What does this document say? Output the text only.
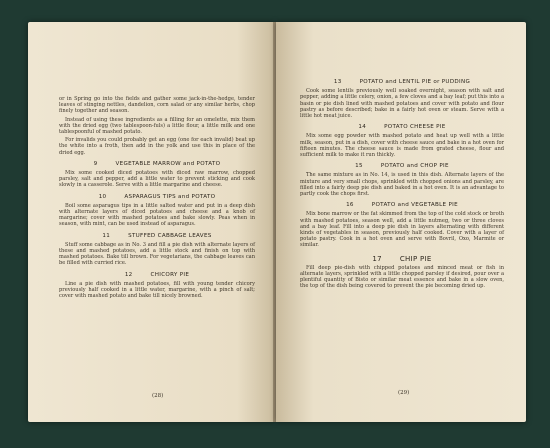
or in Spring go into the fields and gather some jack-in-the-hedge, tender leaves of stinging nettles, dandelion, corn salad or any similar herbs, chop finely together and season.

Instead of using these ingredients as a filling for an omelette, mix them with the dried egg (two tablespoon-fuls) a little flour, a little milk and one tablespoonful of mashed potato.

For invalids you could probably get an egg (one for each invalid) beat up the white into a froth, then add in the yolk and use this in place of the dried egg.

9	VEGETABLE MARROW and POTATO

Mix some cooked diced potatoes with diced raw marrow, chopped parsley, salt and pepper, add a little water to prevent sticking and cook slowly in a casserole. Serve with a little margarine and cheese.

10	ASPARAGUS TIPS and POTATO

Boil some asparagus tips in a little salted water and put in a deep dish with alternate layers of diced potatoes and cheese and a knob of margarine; cover with mashed potatoes and bake slowly. Peas when in season, with mint, can be used instead of asparagus.

11	STUFFED CABBAGE LEAVES

Stuff some cabbage as in No. 3 and fill a pie dish with alternate layers of these and mashed potatoes, add a little stock and finish on top with mashed potatoes. Bake till brown. For vegetarians, the cabbage leaves can be filled with curried rice.

12	CHICORY PIE

Line a pie dish with mashed potatoes, fill with young tender chicory previously half cooked in a little water, margarine, with a pinch of salt; cover with mashed potato and bake till nicely browned.

(28)
13	POTATO and LENTIL PIE or PUDDING

Cook some lentils previously well soaked overnight, season with salt and pepper, adding a little celery, onion, a few cloves and a bay leaf; put this into a basin or pie dish lined with mashed potatoes and cover with potato and flour pastry as before described; bake in a fairly hot oven or steam. Serve with a little hot meat juice.

14	POTATO CHEESE PIE

Mix some egg powder with mashed potato and heat up well with a little milk, season, put in a dish, cover with cheese sauce and bake in a hot oven for fifteen minutes. The cheese sauce is made from grated cheese, flour and sufficient milk to make it run thickly.

15	POTATO and CHOP PIE

The same mixture as in No. 14, is used in this dish. Alternate layers of the mixture and very small chops, sprinkled with chopped onions and parsley, are filled into a fairly deep pie dish and baked in a hot oven. It is an advantage to partly cook the chops first.

16	POTATO and VEGETABLE PIE

Mix bone marrow or the fat skimmed from the top of the cold stock or broth with mashed potatoes, season well, add a little nutmeg, two or three cloves and a bay leaf. Fill into a deep pie dish in layers alternating with different kinds of vegetables in season, previously half cooked. Cover with a layer of potato pastry. Cook in a hot oven and serve with Bovril, Oxo, Marmite or similar.

17	CHIP PIE

Fill deep pie-dish with chipped potatoes and minced meat or fish in alternate layers, sprinkled with a little chopped parsley if desired, pour over a plentiful quantity of Bisto or similar meat essence and bake in a slow oven, the top of the dish being covered to prevent the pie becoming dried up.

(29)
